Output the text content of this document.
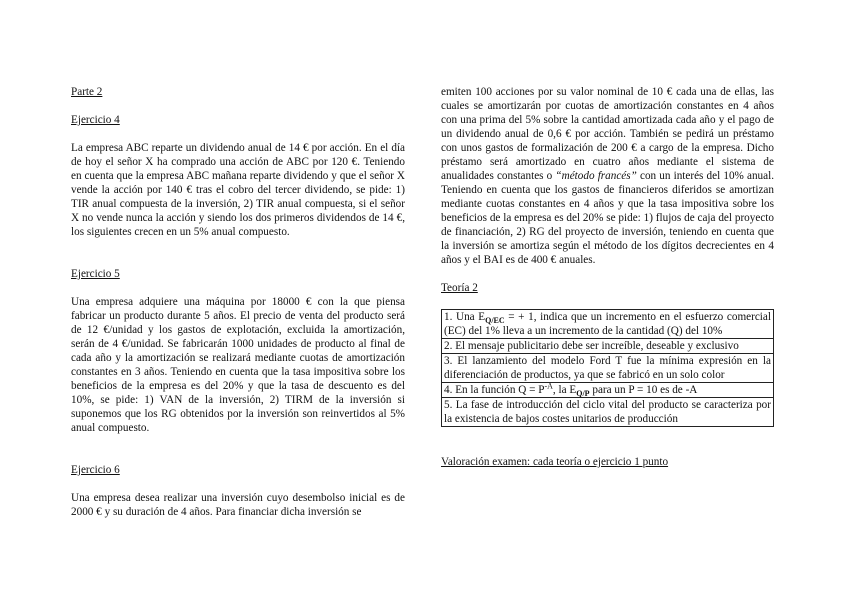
Parte 2

Ejercicio 4

La empresa ABC reparte un dividendo anual de 14 € por acción. En el día de hoy el señor X ha comprado una acción de ABC por 120 €. Teniendo en cuenta que la empresa ABC mañana reparte dividendo y que el señor X vende la acción por 140 € tras el cobro del tercer dividendo, se pide: 1) TIR anual compuesta de la inversión, 2) TIR anual compuesta, si el señor X no vende nunca la acción y siendo los dos primeros dividendos de 14 €, los siguientes crecen en un 5% anual compuesto.

Ejercicio 5

Una empresa adquiere una máquina por 18000 € con la que piensa fabricar un producto durante 5 años. El precio de venta del producto será de 12 €/unidad y los gastos de explotación, excluida la amortización, serán de 4 €/unidad. Se fabricarán 1000 unidades de producto al final de cada año y la amortización se realizará mediante cuotas de amortización constantes en 3 años. Teniendo en cuenta que la tasa impositiva sobre los beneficios de la empresa es del 20% y que la tasa de descuento es del 10%, se pide: 1) VAN de la inversión, 2) TIRM de la inversión si suponemos que los RG obtenidos por la inversión son reinvertidos al 5% anual compuesto.

Ejercicio 6

Una empresa desea realizar una inversión cuyo desembolso inicial es de 2000 € y su duración de 4 años. Para financiar dicha inversión se

emiten 100 acciones por su valor nominal de 10 € cada una de ellas, las cuales se amortizarán por cuotas de amortización constantes en 4 años con una prima del 5% sobre la cantidad amortizada cada año y el pago de un dividendo anual de 0,6 € por acción. También se pedirá un préstamo con unos gastos de formalización de 200 € a cargo de la empresa. Dicho préstamo será amortizado en cuatro años mediante el sistema de anualidades constantes o “método francés” con un interés del 10% anual. Teniendo en cuenta que los gastos de financieros diferidos se amortizan mediante cuotas constantes en 4 años y que la tasa impositiva sobre los beneficios de la empresa es del 20% se pide: 1) flujos de caja del proyecto de financiación, 2) RG del proyecto de inversión, teniendo en cuenta que la inversión se amortiza según el método de los dígitos decrecientes en 4 años y el BAI es de 400 € anuales.

Teoría 2

1. Una $E_{Q/EC}$ = + 1, indica que un incremento en el esfuerzo comercial (EC) del 1% lleva a un incremento de la cantidad (Q) del 10%
2. El mensaje publicitario debe ser increíble, deseable y exclusivo
3. El lanzamiento del modelo Ford T fue la mínima expresión en la diferenciación de productos, ya que se fabricó en un solo color
4. En la función $Q = P^{-A}$, la $E_{Q/P}$ para un P = 10 es de -A
5. La fase de introducción del ciclo vital del producto se caracteriza por la existencia de bajos costes unitarios de producción

Valoración examen: cada teoría o ejercicio 1 punto
